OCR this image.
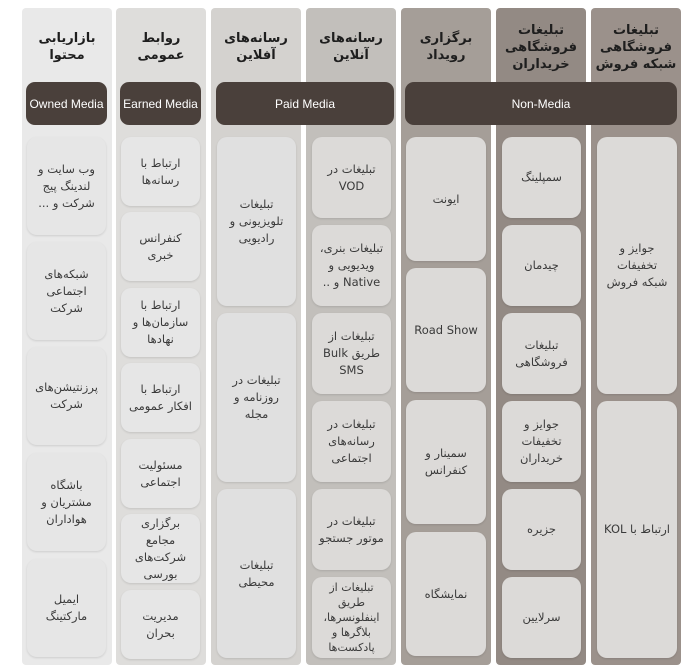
بازاریابی محتوا
روابط عمومی
رسانه‌های آفلاین
رسانه‌های آنلاین
برگزاری رویداد
تبلیغات فروشگاهی خریداران
تبلیغات فروشگاهی شبکه فروش
Owned Media Earned Media	Paid Media	Non-Media
وب سایت و لندینگ پیج شرکت و ...
شبکه‌های اجتماعی شرکت
پرزنتیشن‌های شرکت
باشگاه مشتریان و هواداران
ایمیل مارکتینگ
ارتباط با رسانه‌ها
کنفرانس خبری
ارتباط با سازمان‌ها و نهادها
ارتباط با افکار عمومی
مسئولیت اجتماعی
برگزاری مجامع شرکت‌های بورسی
مدیریت بحران
تبلیغات تلویزیونی و رادیویی
تبلیغات در روزنامه و مجله
تبلیغات محیطی
تبلیغات در VOD
تبلیغات بنری، ویدیویی و Native و ..
تبلیغات از طریق Bulk SMS
تبلیغات در رسانه‌های اجتماعی
تبلیغات در موتور جستجو
تبلیغات از طریق اینفلونسرها، بلاگرها و پادکست‌ها
ایونت
Road Show
سمینار و کنفرانس
نمایشگاه
سمپلینگ
چیدمان
تبلیغات فروشگاهی
جوایز و تخفیفات خریداران
جزیره
سرلایین
جوایز و تخفیفات شبکه فروش
ارتباط با KOL
